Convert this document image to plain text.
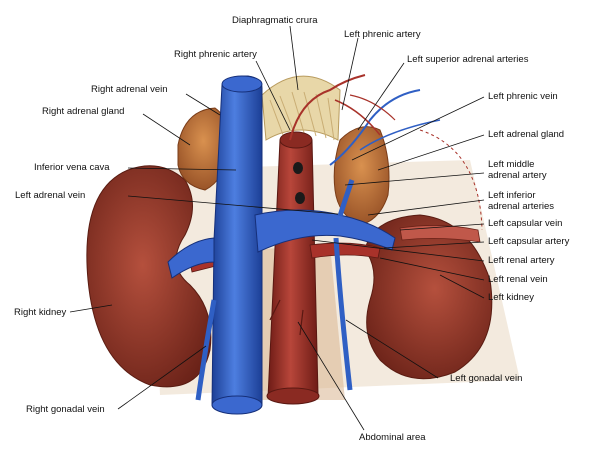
Diaphragmatic crura
Left phrenic artery
Right phrenic artery	Left superior adrenal arteries
Right adrenal vein
Left phrenic vein
Right adrenal gland
Left adrenal gland
Left middle
adrenal artery
Inferior vena cava
Left inferior
adrenal arteries
Left adrenal vein
Left capsular vein
Left capsular artery
Left renal artery
Left renal vein
Left kidney
Right kidney
Left gonadal vein
Right gonadal vein
Abdominal area
